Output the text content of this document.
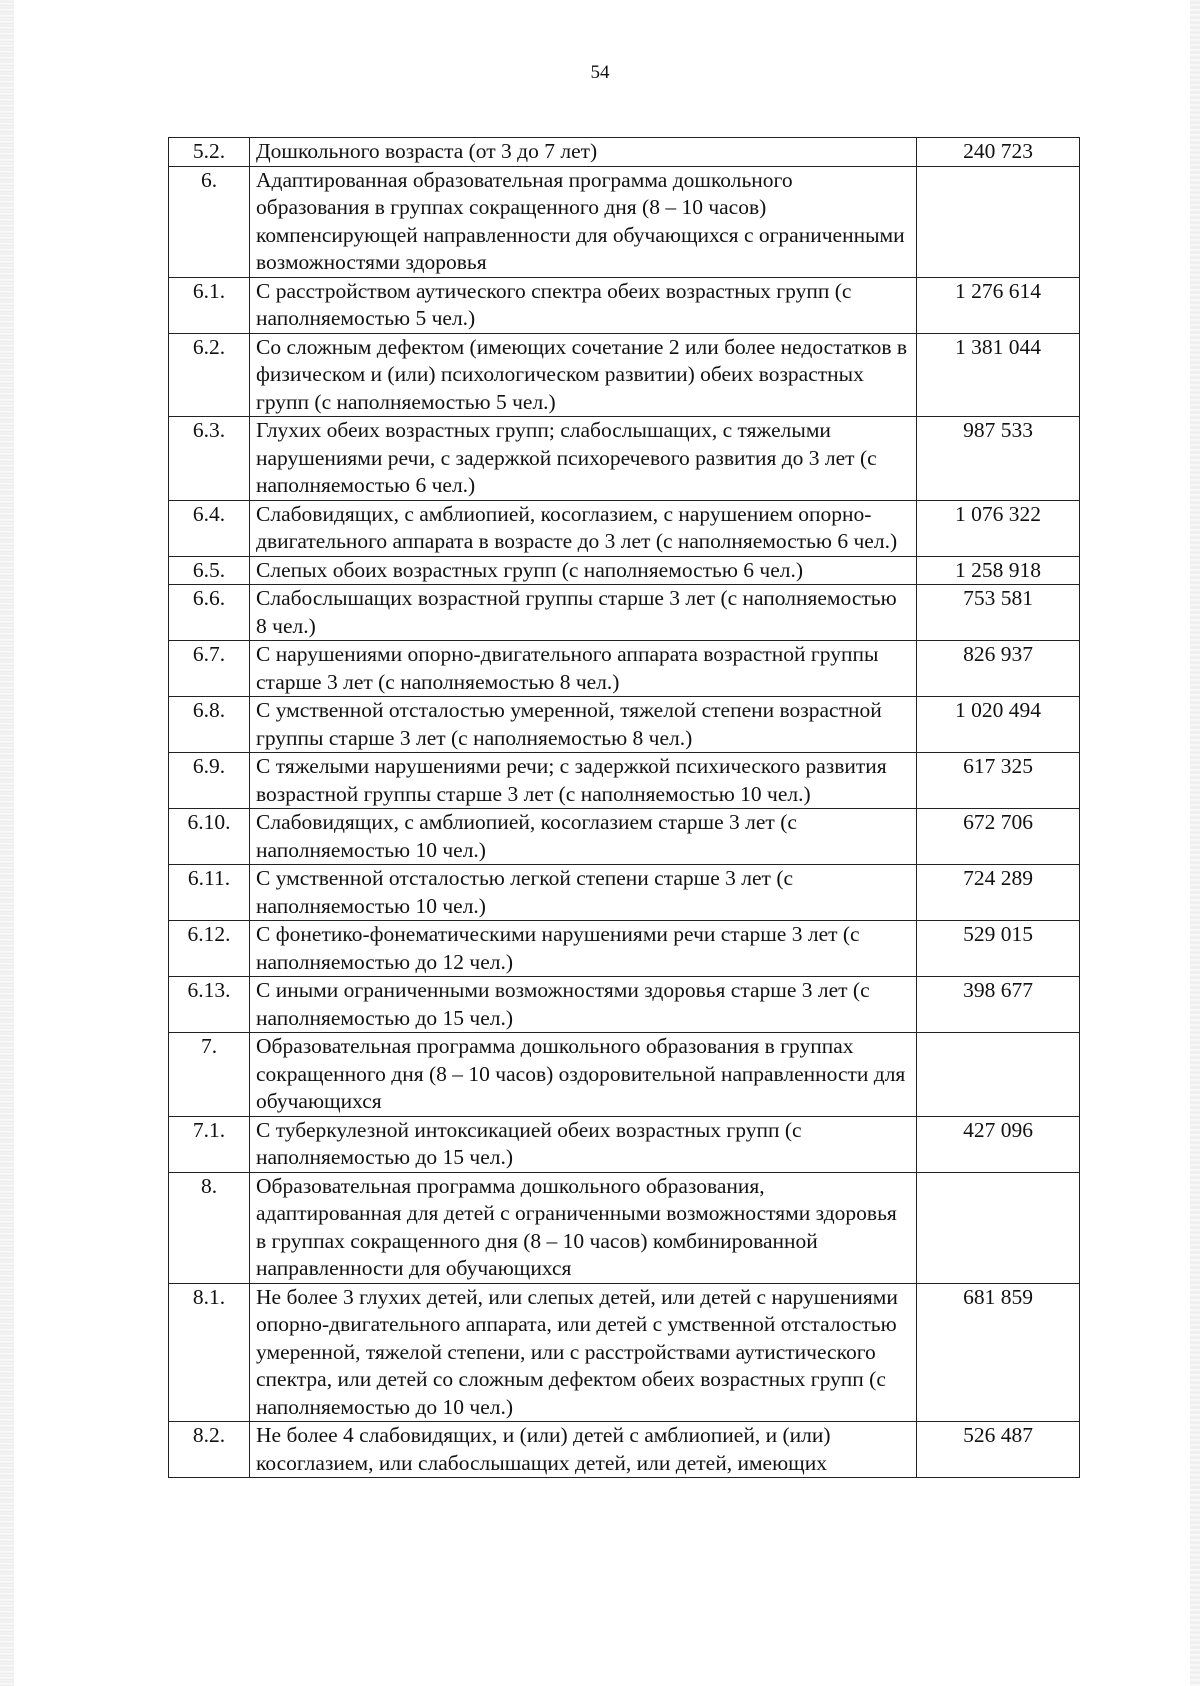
54
5.2.	Дошкольного возраста (от 3 до 7 лет)	240 723
6.	Адаптированная образовательная программа дошкольного образования в группах сокращенного дня (8 – 10 часов) компенсирующей направленности для обучающихся с ограниченными возможностями здоровья	
6.1.	С расстройством аутического спектра обеих возрастных групп (с наполняемостью 5 чел.)	1 276 614
6.2.	Со сложным дефектом (имеющих сочетание 2 или более недостатков в физическом и (или) психологическом развитии) обеих возрастных групп (с наполняемостью 5 чел.)	1 381 044
6.3.	Глухих обеих возрастных групп; слабослышащих, с тяжелыми нарушениями речи, с задержкой психоречевого развития до 3 лет (с наполняемостью 6 чел.)	987 533
6.4.	Слабовидящих, с амблиопией, косоглазием, с нарушением опорно-двигательного аппарата в возрасте до 3 лет (с наполняемостью 6 чел.)	1 076 322
6.5.	Слепых обоих возрастных групп (с наполняемостью 6 чел.)	1 258 918
6.6.	Слабослышащих возрастной группы старше 3 лет (с наполняемостью 8 чел.)	753 581
6.7.	С нарушениями опорно-двигательного аппарата возрастной группы старше 3 лет (с наполняемостью 8 чел.)	826 937
6.8.	С умственной отсталостью умеренной, тяжелой степени возрастной группы старше 3 лет (с наполняемостью 8 чел.)	1 020 494
6.9.	С тяжелыми нарушениями речи; с задержкой психического развития возрастной группы старше 3 лет (с наполняемостью 10 чел.)	617 325
6.10.	Слабовидящих, с амблиопией, косоглазием старше 3 лет (с наполняемостью 10 чел.)	672 706
6.11.	С умственной отсталостью легкой степени старше 3 лет (с наполняемостью 10 чел.)	724 289
6.12.	С фонетико-фонематическими нарушениями речи старше 3 лет (с наполняемостью до 12 чел.)	529 015
6.13.	С иными ограниченными возможностями здоровья старше 3 лет (с наполняемостью до 15 чел.)	398 677
7.	Образовательная программа дошкольного образования в группах сокращенного дня (8 – 10 часов) оздоровительной направленности для обучающихся	
7.1.	С туберкулезной интоксикацией обеих возрастных групп (с наполняемостью до 15 чел.)	427 096
8.	Образовательная программа дошкольного образования, адаптированная для детей с ограниченными возможностями здоровья в группах сокращенного дня (8 – 10 часов) комбинированной направленности для обучающихся	
8.1.	Не более 3 глухих детей, или слепых детей, или детей с нарушениями опорно-двигательного аппарата, или детей с умственной отсталостью умеренной, тяжелой степени, или с расстройствами аутистического спектра, или детей со сложным дефектом обеих возрастных групп (с наполняемостью до 10 чел.)	681 859
8.2.	Не более 4 слабовидящих, и (или) детей с амблиопией, и (или) косоглазием, или слабослышащих детей, или детей, имеющих	526 487
